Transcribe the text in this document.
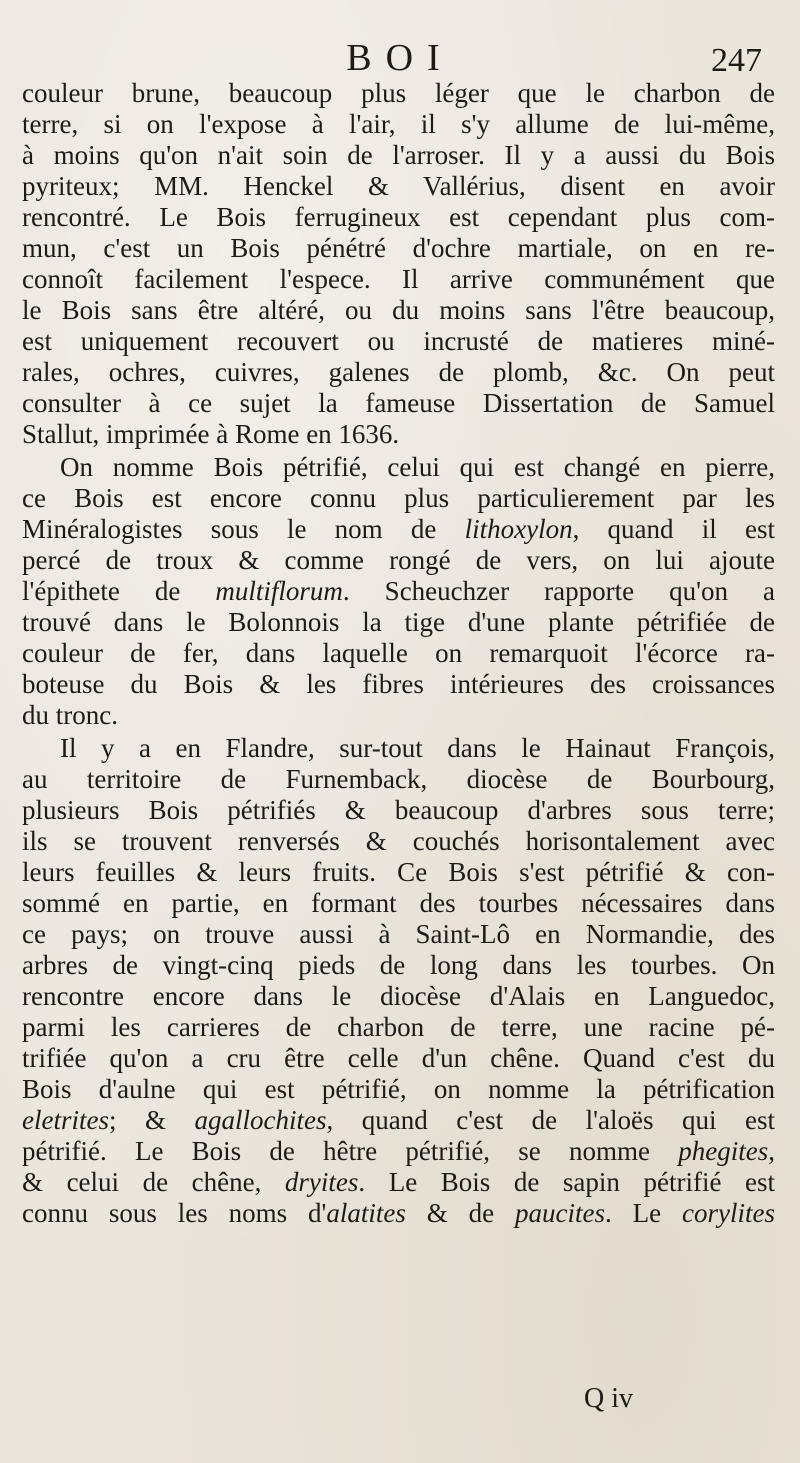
BOI	247
couleur brune, beaucoup plus léger que le charbon de
terre, si on l'expose à l'air, il s'y allume de lui-même,
à moins qu'on n'ait soin de l'arroser. Il y a aussi du Bois
pyriteux; MM. Henckel & Vallérius, disent en avoir
rencontré. Le Bois ferrugineux est cependant plus com-
mun, c'est un Bois pénétré d'ochre martiale, on en re-
connoît facilement l'espece. Il arrive communément que
le Bois sans être altéré, ou du moins sans l'être beaucoup,
est uniquement recouvert ou incrusté de matieres miné-
rales, ochres, cuivres, galenes de plomb, &c. On peut
consulter à ce sujet la fameuse Dissertation de Samuel
Stallut, imprimée à Rome en 1636.
On nomme Bois pétrifié, celui qui est changé en pierre,
ce Bois est encore connu plus particulierement par les
Minéralogistes sous le nom de lithoxylon, quand il est
percé de troux & comme rongé de vers, on lui ajoute
l'épithete de multiflorum. Scheuchzer rapporte qu'on a
trouvé dans le Bolonnois la tige d'une plante pétrifiée de
couleur de fer, dans laquelle on remarquoit l'écorce ra-
boteuse du Bois & les fibres intérieures des croissances
du tronc.
Il y a en Flandre, sur-tout dans le Hainaut François,
au territoire de Furnemback, diocèse de Bourbourg,
plusieurs Bois pétrifiés & beaucoup d'arbres sous terre;
ils se trouvent renversés & couchés horisontalement avec
leurs feuilles & leurs fruits. Ce Bois s'est pétrifié & con-
sommé en partie, en formant des tourbes nécessaires dans
ce pays; on trouve aussi à Saint-Lô en Normandie, des
arbres de vingt-cinq pieds de long dans les tourbes. On
rencontre encore dans le diocèse d'Alais en Languedoc,
parmi les carrieres de charbon de terre, une racine pé-
trifiée qu'on a cru être celle d'un chêne. Quand c'est du
Bois d'aulne qui est pétrifié, on nomme la pétrification
eletrites; & agallochites, quand c'est de l'aloës qui est
pétrifié. Le Bois de hêtre pétrifié, se nomme phegites,
& celui de chêne, dryites. Le Bois de sapin pétrifié est
connu sous les noms d'alatites & de paucites. Le corylites
Q iv
